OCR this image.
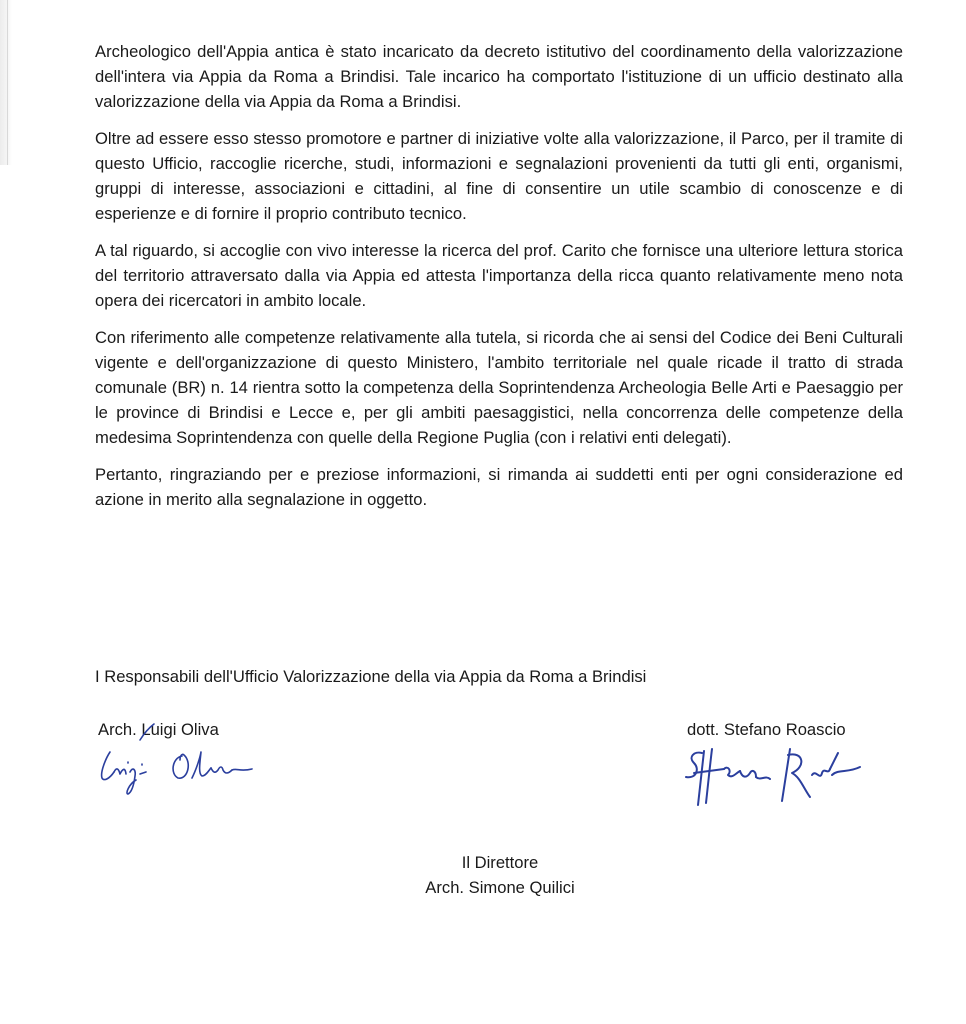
Archeologico dell'Appia antica è stato incaricato da decreto istitutivo del coordinamento della valorizzazione dell'intera via Appia da Roma a Brindisi. Tale incarico ha comportato l'istituzione di un ufficio destinato alla valorizzazione della via Appia da Roma a Brindisi.

Oltre ad essere esso stesso promotore e partner di iniziative volte alla valorizzazione, il Parco, per il tramite di questo Ufficio, raccoglie ricerche, studi, informazioni e segnalazioni provenienti da tutti gli enti, organismi, gruppi di interesse, associazioni e cittadini, al fine di consentire un utile scambio di conoscenze e di esperienze e di fornire il proprio contributo tecnico.

A tal riguardo, si accoglie con vivo interesse la ricerca del prof. Carito che fornisce una ulteriore lettura storica del territorio attraversato dalla via Appia ed attesta l'importanza della ricca quanto relativamente meno nota opera dei ricercatori in ambito locale.

Con riferimento alle competenze relativamente alla tutela, si ricorda che ai sensi del Codice dei Beni Culturali vigente e dell'organizzazione di questo Ministero, l'ambito territoriale nel quale ricade il tratto di strada comunale (BR) n. 14 rientra sotto la competenza della Soprintendenza Archeologia Belle Arti e Paesaggio per le province di Brindisi e Lecce e, per gli ambiti paesaggistici, nella concorrenza delle competenze della medesima Soprintendenza con quelle della Regione Puglia (con i relativi enti delegati).

Pertanto, ringraziando per e preziose informazioni, si rimanda ai suddetti enti per ogni considerazione ed azione in merito alla segnalazione in oggetto.

I Responsabili dell'Ufficio Valorizzazione della via Appia da Roma a Brindisi
Arch. Luigi Oliva	dott. Stefano Roascio
Il Direttore
Arch. Simone Quilici
